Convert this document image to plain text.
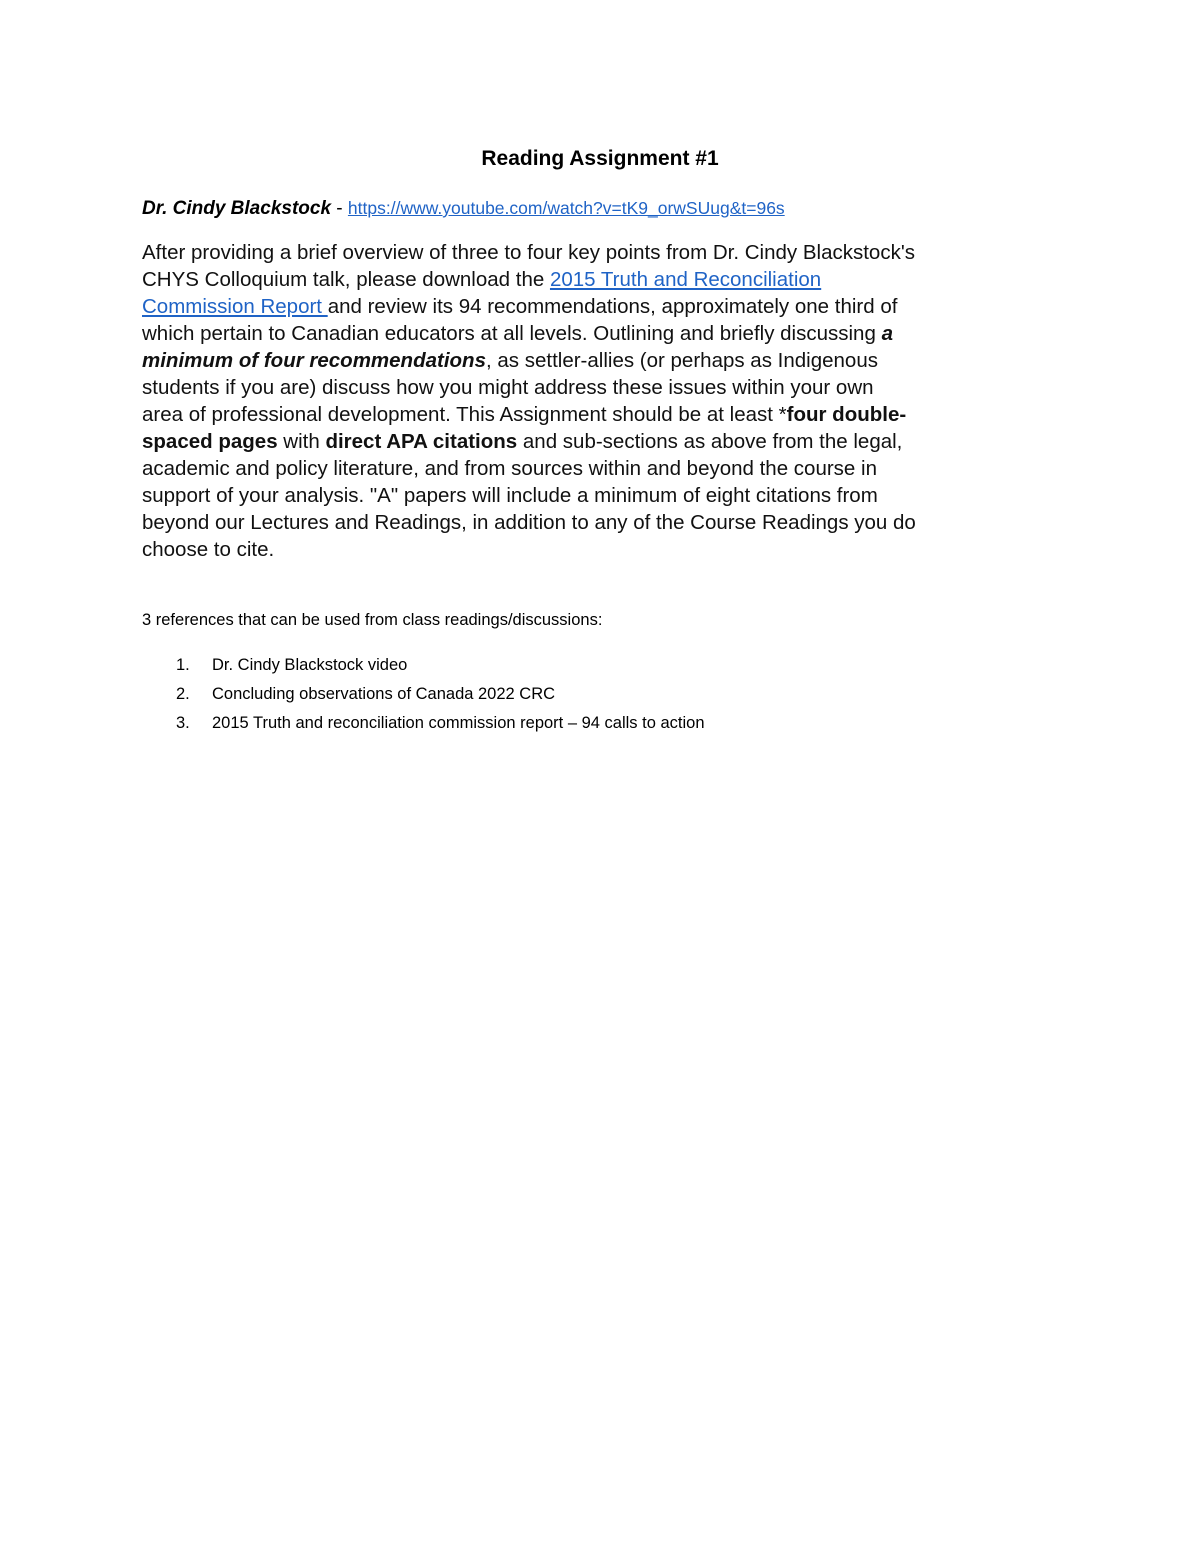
Reading Assignment #1
Dr. Cindy Blackstock - https://www.youtube.com/watch?v=tK9_orwSUug&t=96s
After providing a brief overview of three to four key points from Dr. Cindy Blackstock's
CHYS Colloquium talk, please download the 2015 Truth and Reconciliation
Commission Report and review its 94 recommendations, approximately one third of
which pertain to Canadian educators at all levels. Outlining and briefly discussing a
minimum of four recommendations, as settler-allies (or perhaps as Indigenous
students if you are) discuss how you might address these issues within your own
area of professional development. This Assignment should be at least *four double-
spaced pages with direct APA citations and sub-sections as above from the legal,
academic and policy literature, and from sources within and beyond the course in
support of your analysis. "A" papers will include a minimum of eight citations from
beyond our Lectures and Readings, in addition to any of the Course Readings you do
choose to cite.
3 references that can be used from class readings/discussions:
1. Dr. Cindy Blackstock video
2. Concluding observations of Canada 2022 CRC
3. 2015 Truth and reconciliation commission report – 94 calls to action
